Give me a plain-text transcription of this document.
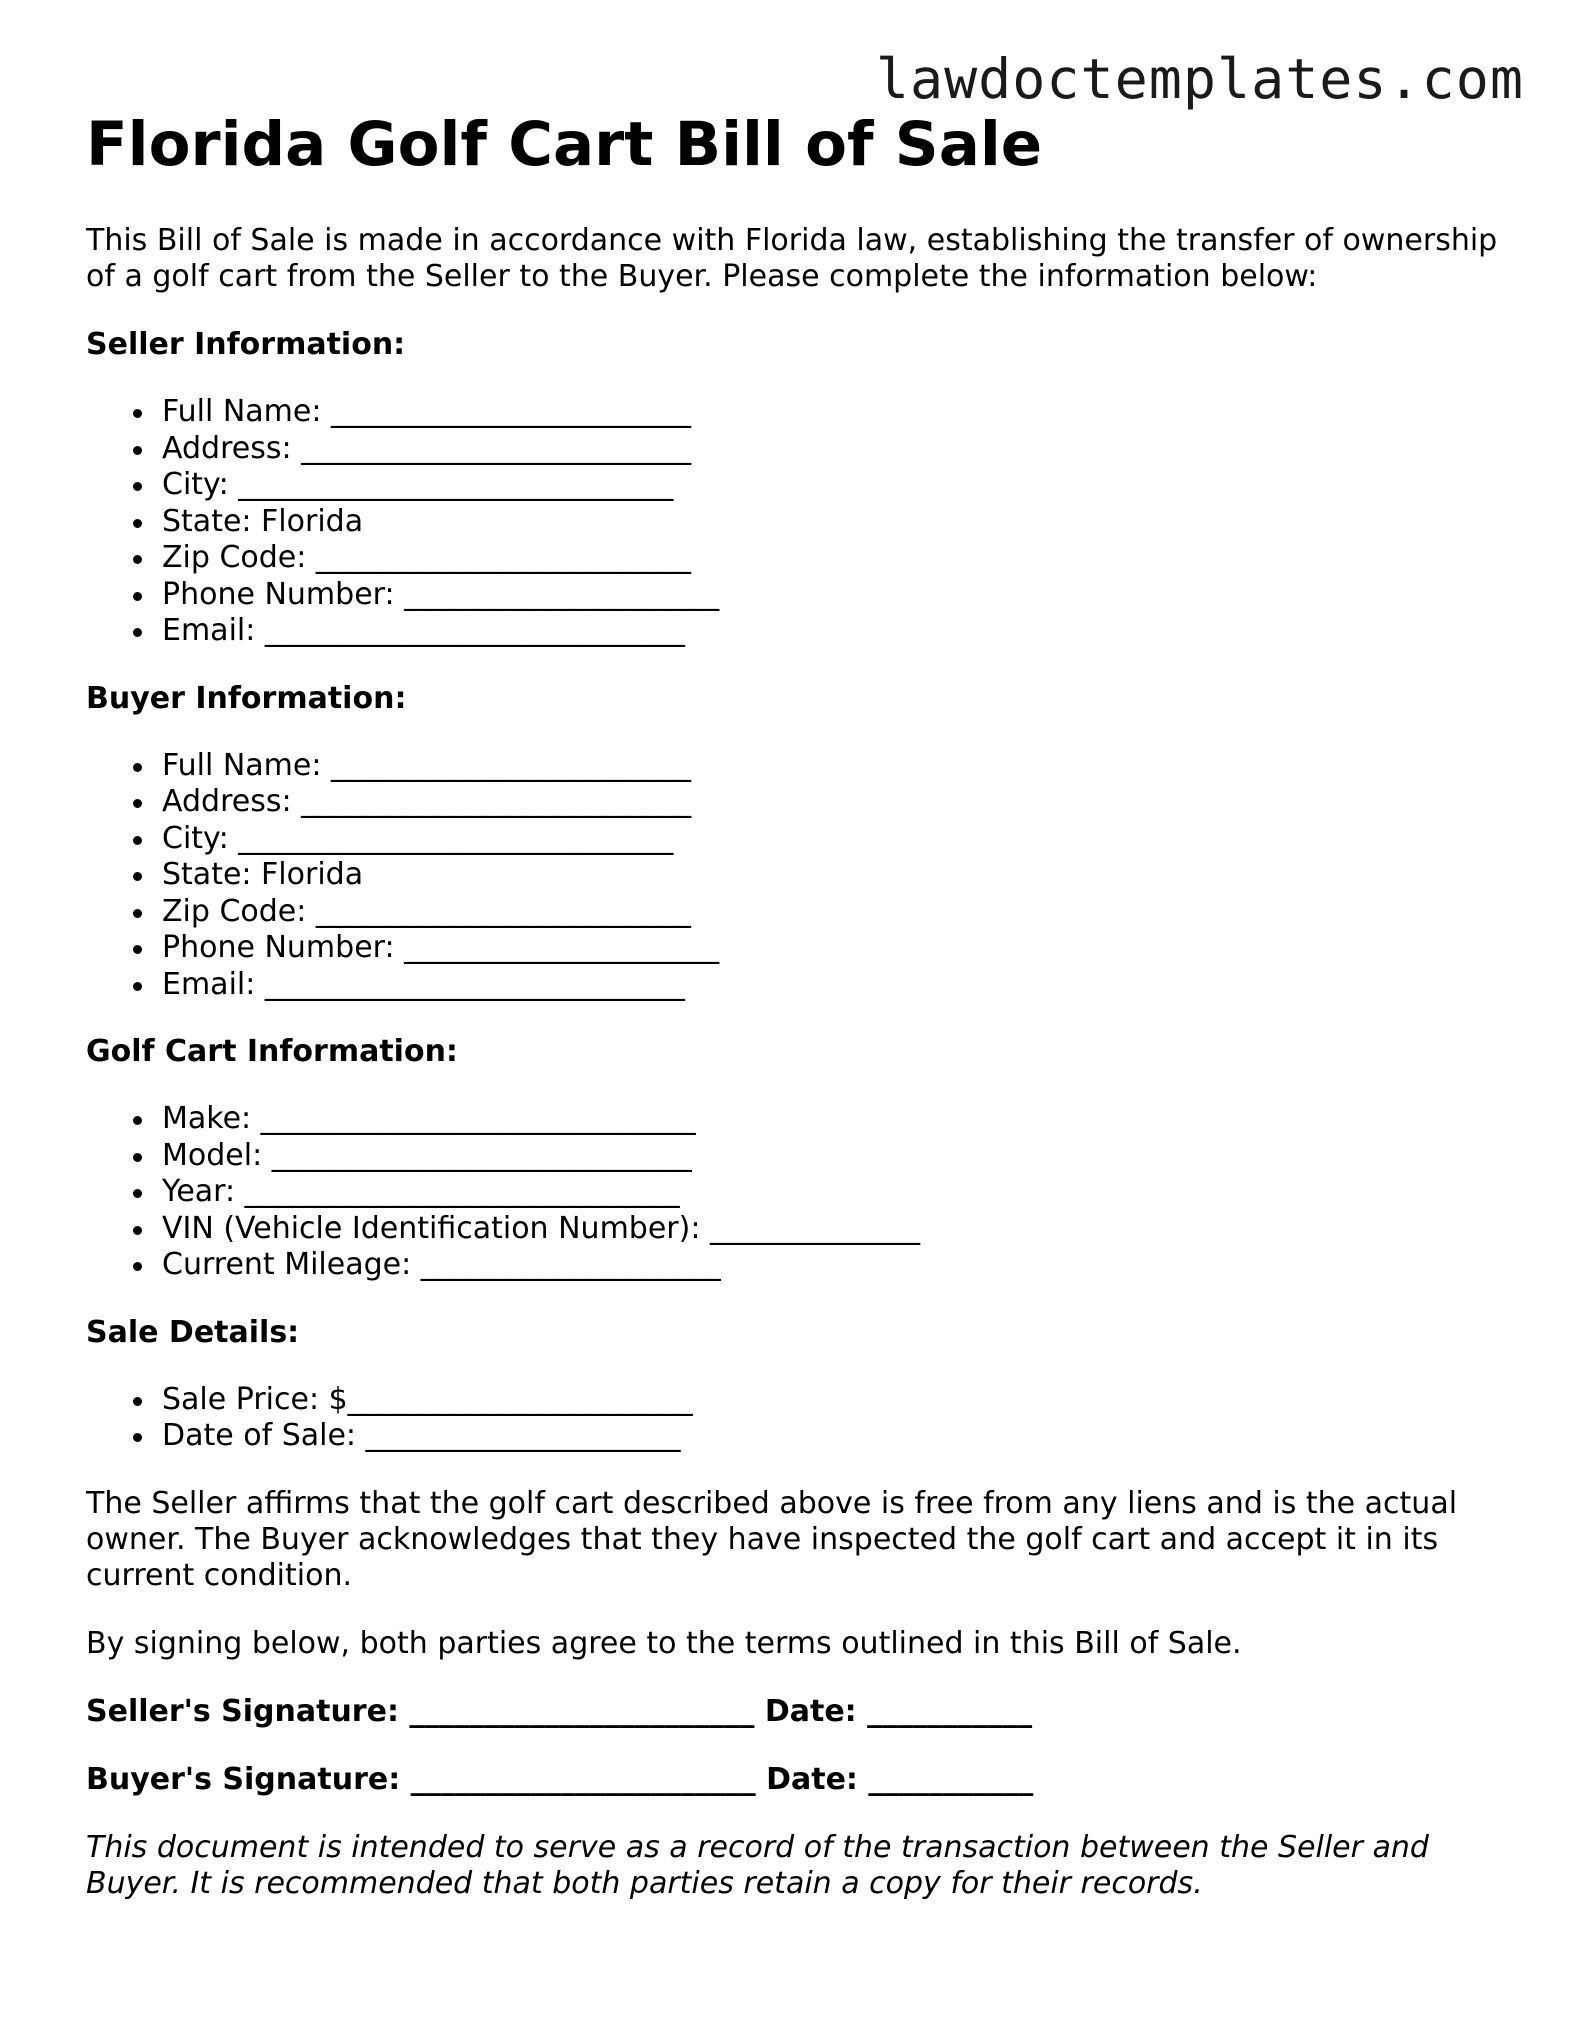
lawdoctemplates.com
Florida Golf Cart Bill of Sale

This Bill of Sale is made in accordance with Florida law, establishing the transfer of ownership of a golf cart from the Seller to the Buyer. Please complete the information below:

Seller Information:
Full Name: ________________________
Address: __________________________
City: _____________________________
State: Florida
Zip Code: _________________________
Phone Number: _____________________
Email: ____________________________
Buyer Information:
Full Name: ________________________
Address: __________________________
City: _____________________________
State: Florida
Zip Code: _________________________
Phone Number: _____________________
Email: ____________________________
Golf Cart Information:
Make: _____________________________
Model: ____________________________
Year: _____________________________
VIN (Vehicle Identification Number): ______________
Current Mileage: ____________________
Sale Details:
Sale Price: $_______________________
Date of Sale: _____________________

The Seller affirms that the golf cart described above is free from any liens and is the actual owner. The Buyer acknowledges that they have inspected the golf cart and accept it in its current condition.

By signing below, both parties agree to the terms outlined in this Bill of Sale.

Seller's Signature: _______________________ Date: ___________
Buyer's Signature: _______________________ Date: ___________

This document is intended to serve as a record of the transaction between the Seller and Buyer. It is recommended that both parties retain a copy for their records.
